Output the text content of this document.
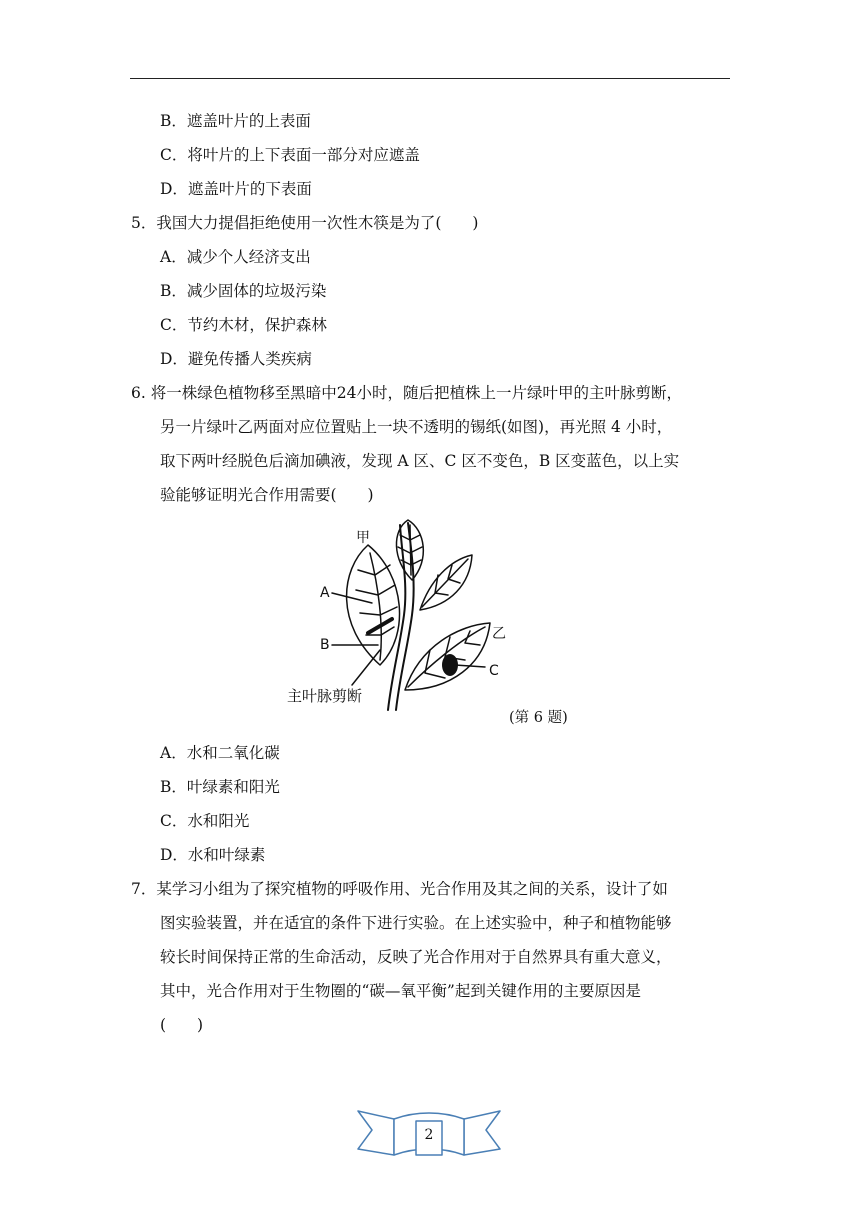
B．遮盖叶片的上表面
C．将叶片的上下表面一部分对应遮盖
D．遮盖叶片的下表面
5．我国大力提倡拒绝使用一次性木筷是为了(　　)
A．减少个人经济支出
B．减少固体的垃圾污染
C．节约木材，保护森林
D．避免传播人类疾病
6. 将一株绿色植物移至黑暗中24小时，随后把植株上一片绿叶甲的主叶脉剪断，
另一片绿叶乙两面对应位置贴上一块不透明的锡纸(如图)，再光照 4 小时，
取下两叶经脱色后滴加碘液，发现 A 区、C 区不变色，B 区变蓝色，以上实
验能够证明光合作用需要(　　)
甲
A
B
乙
C
主叶脉剪断
(第 6 题)
A．水和二氧化碳
B．叶绿素和阳光
C．水和阳光
D．水和叶绿素
7．某学习小组为了探究植物的呼吸作用、光合作用及其之间的关系，设计了如
图实验装置，并在适宜的条件下进行实验。在上述实验中，种子和植物能够
较长时间保持正常的生命活动，反映了光合作用对于自然界具有重大意义，
其中，光合作用对于生物圈的“碳—氧平衡”起到关键作用的主要原因是
(　　)
2
